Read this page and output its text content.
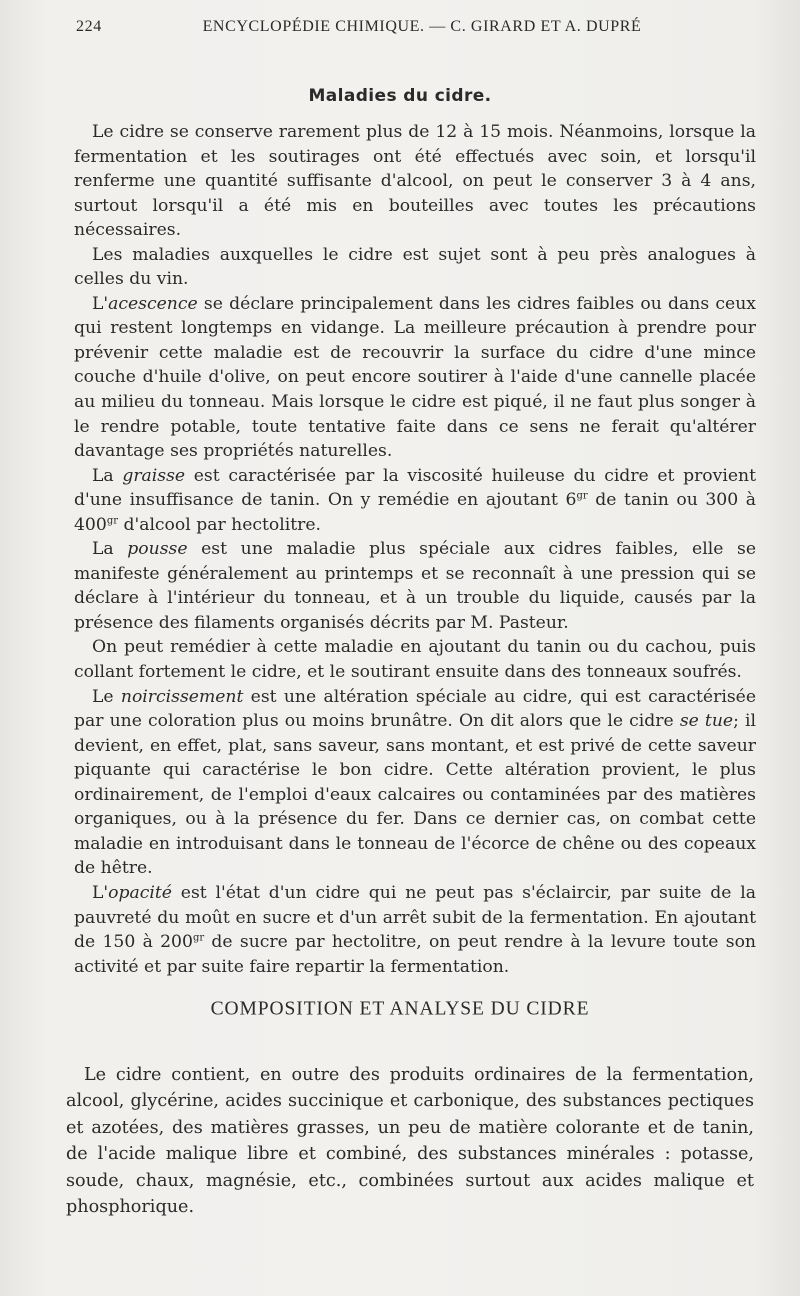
224	ENCYCLOPÉDIE CHIMIQUE. — C. GIRARD ET A. DUPRÉ
Maladies du cidre.

Le cidre se conserve rarement plus de 12 à 15 mois. Néanmoins, lorsque la fermentation et les soutirages ont été effectués avec soin, et lorsqu'il renferme une quantité suffisante d'alcool, on peut le conserver 3 à 4 ans, surtout lorsqu'il a été mis en bouteilles avec toutes les précautions nécessaires.

Les maladies auxquelles le cidre est sujet sont à peu près analogues à celles du vin.

L'acescence se déclare principalement dans les cidres faibles ou dans ceux qui restent longtemps en vidange. La meilleure précaution à prendre pour prévenir cette maladie est de recouvrir la surface du cidre d'une mince couche d'huile d'olive, on peut encore soutirer à l'aide d'une cannelle placée au milieu du tonneau. Mais lorsque le cidre est piqué, il ne faut plus songer à le rendre potable, toute tentative faite dans ce sens ne ferait qu'altérer davantage ses propriétés naturelles.

La graisse est caractérisée par la viscosité huileuse du cidre et provient d'une insuffisance de tanin. On y remédie en ajoutant $6^{gr}$ de tanin ou 300 à $400^{gr}$ d'alcool par hectolitre.

La pousse est une maladie plus spéciale aux cidres faibles, elle se manifeste généralement au printemps et se reconnaît à une pression qui se déclare à l'intérieur du tonneau, et à un trouble du liquide, causés par la présence des filaments organisés décrits par M. Pasteur.

On peut remédier à cette maladie en ajoutant du tanin ou du cachou, puis collant fortement le cidre, et le soutirant ensuite dans des tonneaux soufrés.

Le noircissement est une altération spéciale au cidre, qui est caractérisée par une coloration plus ou moins brunâtre. On dit alors que le cidre se tue; il devient, en effet, plat, sans saveur, sans montant, et est privé de cette saveur piquante qui caractérise le bon cidre. Cette altération provient, le plus ordinairement, de l'emploi d'eaux calcaires ou contaminées par des matières organiques, ou à la présence du fer. Dans ce dernier cas, on combat cette maladie en introduisant dans le tonneau de l'écorce de chêne ou des copeaux de hêtre.

L'opacité est l'état d'un cidre qui ne peut pas s'éclaircir, par suite de la pauvreté du moût en sucre et d'un arrêt subit de la fermentation. En ajoutant de 150 à $200^{gr}$ de sucre par hectolitre, on peut rendre à la levure toute son activité et par suite faire repartir la fermentation.

COMPOSITION ET ANALYSE DU CIDRE

Le cidre contient, en outre des produits ordinaires de la fermentation, alcool, glycérine, acides succinique et carbonique, des substances pectiques et azotées, des matières grasses, un peu de matière colorante et de tanin, de l'acide malique libre et combiné, des substances minérales : potasse, soude, chaux, magnésie, etc., combinées surtout aux acides malique et phosphorique.
